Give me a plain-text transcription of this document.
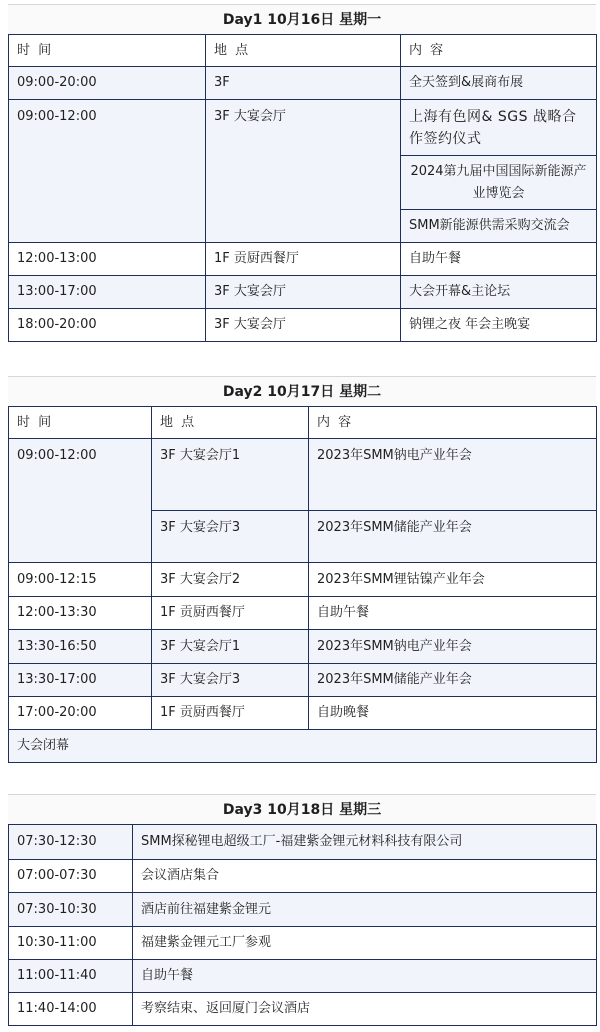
Day1 10月16日 星期一
时 间	地 点	内 容
09:00-20:00	3F	全天签到&展商布展
09:00-12:00	3F 大宴会厅	上海有色网& SGS 战略合作签约仪式
		2024第九届中国国际新能源产业博览会
		SMM新能源供需采购交流会
12:00-13:00	1F 贡厨西餐厅	自助午餐
13:00-17:00	3F 大宴会厅	大会开幕&主论坛
18:00-20:00	3F 大宴会厅	钠锂之夜 年会主晚宴
Day2 10月17日 星期二
时 间	地 点	内 容
09:00-12:00	3F 大宴会厅1	2023年SMM钠电产业年会
	3F 大宴会厅3	2023年SMM储能产业年会
09:00-12:15	3F 大宴会厅2	2023年SMM锂钴镍产业年会
12:00-13:30	1F 贡厨西餐厅	自助午餐
13:30-16:50	3F 大宴会厅1	2023年SMM钠电产业年会
13:30-17:00	3F 大宴会厅3	2023年SMM储能产业年会
17:00-20:00	1F 贡厨西餐厅	自助晚餐
大会闭幕		
Day3 10月18日 星期三
07:30-12:30	SMM探秘锂电超级工厂-福建紫金锂元材料科技有限公司
07:00-07:30	会议酒店集合
07:30-10:30	酒店前往福建紫金锂元
10:30-11:00	福建紫金锂元工厂参观
11:00-11:40	自助午餐
11:40-14:00	考察结束、返回厦门会议酒店
